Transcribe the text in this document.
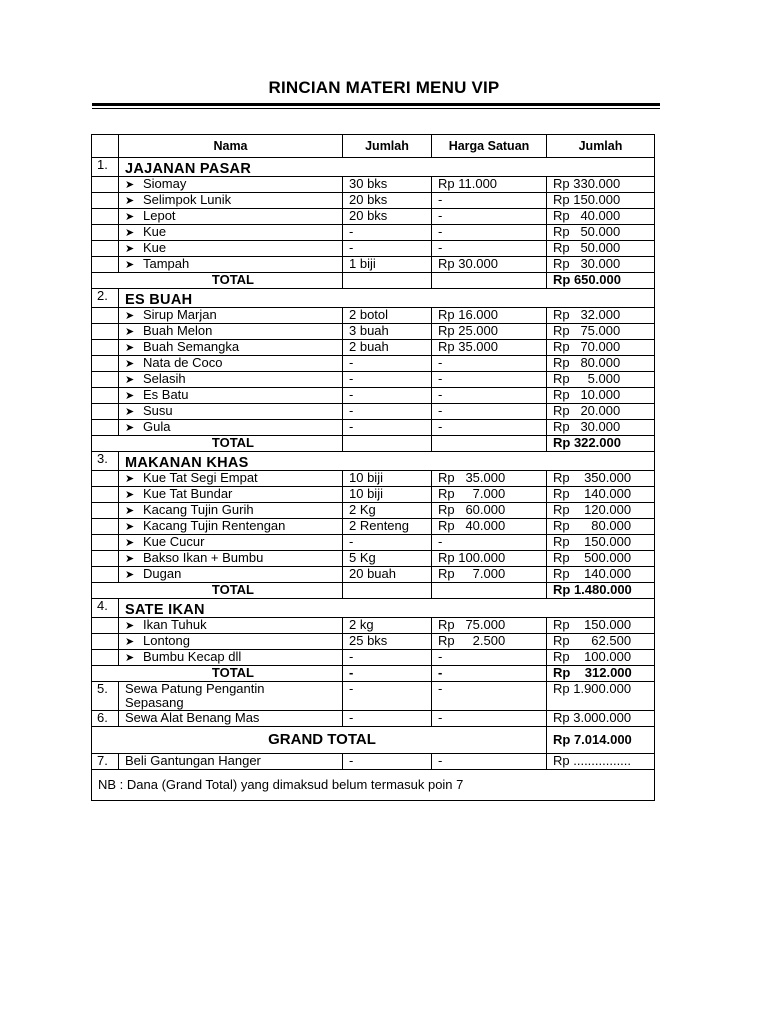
RINCIAN MATERI MENU VIP
	Nama	Jumlah	Harga Satuan	Jumlah
1.	JAJANAN PASAR			
	➤ Siomay	30 bks	Rp 11.000	Rp 330.000
	➤ Selimpok Lunik	20 bks	-	Rp 150.000
	➤ Lepot	20 bks	-	Rp   40.000
	➤ Kue	-	-	Rp   50.000
	➤ Kue	-	-	Rp   50.000
	➤ Tampah	1 biji	Rp 30.000	Rp   30.000
TOTAL				Rp 650.000
2.	ES BUAH			
	➤ Sirup Marjan	2 botol	Rp 16.000	Rp   32.000
	➤ Buah Melon	3 buah	Rp 25.000	Rp   75.000
	➤ Buah Semangka	2 buah	Rp 35.000	Rp   70.000
	➤ Nata de Coco	-	-	Rp   80.000
	➤ Selasih	-	-	Rp     5.000
	➤ Es Batu	-	-	Rp   10.000
	➤ Susu	-	-	Rp   20.000
	➤ Gula	-	-	Rp   30.000
TOTAL				Rp 322.000
3.	MAKANAN KHAS			
	➤ Kue Tat Segi Empat	10 biji	Rp   35.000	Rp    350.000
	➤ Kue Tat Bundar	10 biji	Rp     7.000	Rp    140.000
	➤ Kacang Tujin Gurih	2 Kg	Rp   60.000	Rp    120.000
	➤ Kacang Tujin Rentengan	2 Renteng	Rp   40.000	Rp      80.000
	➤ Kue Cucur	-	-	Rp    150.000
	➤ Bakso Ikan + Bumbu	5 Kg	Rp 100.000	Rp    500.000
	➤ Dugan	20 buah	Rp     7.000	Rp    140.000
TOTAL				Rp 1.480.000
4.	SATE IKAN			
	➤ Ikan Tuhuk	2 kg	Rp   75.000	Rp    150.000
	➤ Lontong	25 bks	Rp     2.500	Rp      62.500
	➤ Bumbu Kecap dll	-	-	Rp    100.000
TOTAL		-	-	Rp    312.000
5.	Sewa Patung Pengantin Sepasang	-	-	Rp 1.900.000
6.	Sewa Alat Benang Mas	-	-	Rp 3.000.000
GRAND TOTAL				Rp 7.014.000
7.	Beli Gantungan Hanger	-	-	Rp ................
NB : Dana (Grand Total) yang dimaksud belum termasuk poin 7				
